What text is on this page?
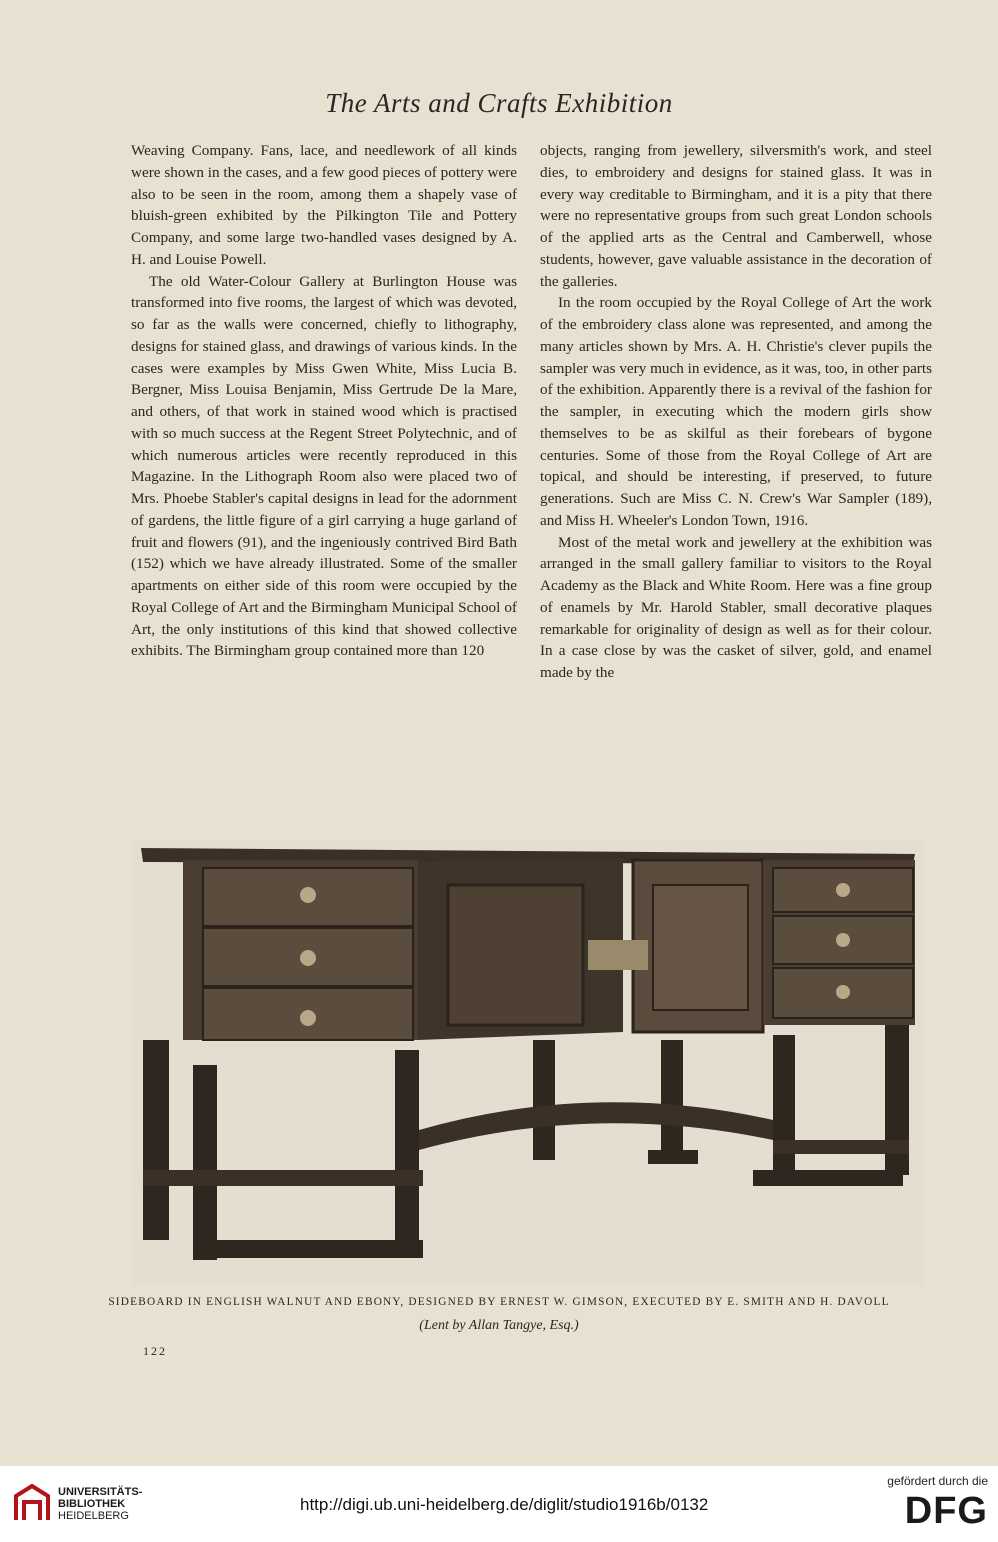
The Arts and Crafts Exhibition

Weaving Company. Fans, lace, and needlework of all kinds were shown in the cases, and a few good pieces of pottery were also to be seen in the room, among them a shapely vase of bluish-green exhibited by the Pilkington Tile and Pottery Company, and some large two-handled vases designed by A. H. and Louise Powell.

The old Water-Colour Gallery at Burlington House was transformed into five rooms, the largest of which was devoted, so far as the walls were concerned, chiefly to lithography, designs for stained glass, and drawings of various kinds. In the cases were examples by Miss Gwen White, Miss Lucia B. Bergner, Miss Louisa Benjamin, Miss Gertrude De la Mare, and others, of that work in stained wood which is practised with so much success at the Regent Street Polytechnic, and of which numerous articles were recently reproduced in this Magazine. In the Lithograph Room also were placed two of Mrs. Phoebe Stabler's capital designs in lead for the adornment of gardens, the little figure of a girl carrying a huge garland of fruit and flowers (91), and the ingeniously contrived Bird Bath (152) which we have already illustrated. Some of the smaller apartments on either side of this room were occupied by the Royal College of Art and the Birmingham Municipal School of Art, the only institutions of this kind that showed collective exhibits. The Birmingham group contained more than 120

objects, ranging from jewellery, silversmith's work, and steel dies, to embroidery and designs for stained glass. It was in every way creditable to Birmingham, and it is a pity that there were no representative groups from such great London schools of the applied arts as the Central and Camberwell, whose students, however, gave valuable assistance in the decoration of the galleries.

In the room occupied by the Royal College of Art the work of the embroidery class alone was represented, and among the many articles shown by Mrs. A. H. Christie's clever pupils the sampler was very much in evidence, as it was, too, in other parts of the exhibition. Apparently there is a revival of the fashion for the sampler, in executing which the modern girls show themselves to be as skilful as their forebears of bygone centuries. Some of those from the Royal College of Art are topical, and should be interesting, if preserved, to future generations. Such are Miss C. N. Crew's War Sampler (189), and Miss H. Wheeler's London Town, 1916.

Most of the metal work and jewellery at the exhibition was arranged in the small gallery familiar to visitors to the Royal Academy as the Black and White Room. Here was a fine group of enamels by Mr. Harold Stabler, small decorative plaques remarkable for originality of design as well as for their colour. In a case close by was the casket of silver, gold, and enamel made by the

SIDEBOARD IN ENGLISH WALNUT AND EBONY, DESIGNED BY ERNEST W. GIMSON, EXECUTED BY E. SMITH AND H. DAVOLL
(Lent by Allan Tangye, Esq.)
122
UNIVERSITÄTS-
BIBLIOTHEK
HEIDELBERG
http://digi.ub.uni-heidelberg.de/diglit/studio1916b/0132
gefördert durch die
DFG
